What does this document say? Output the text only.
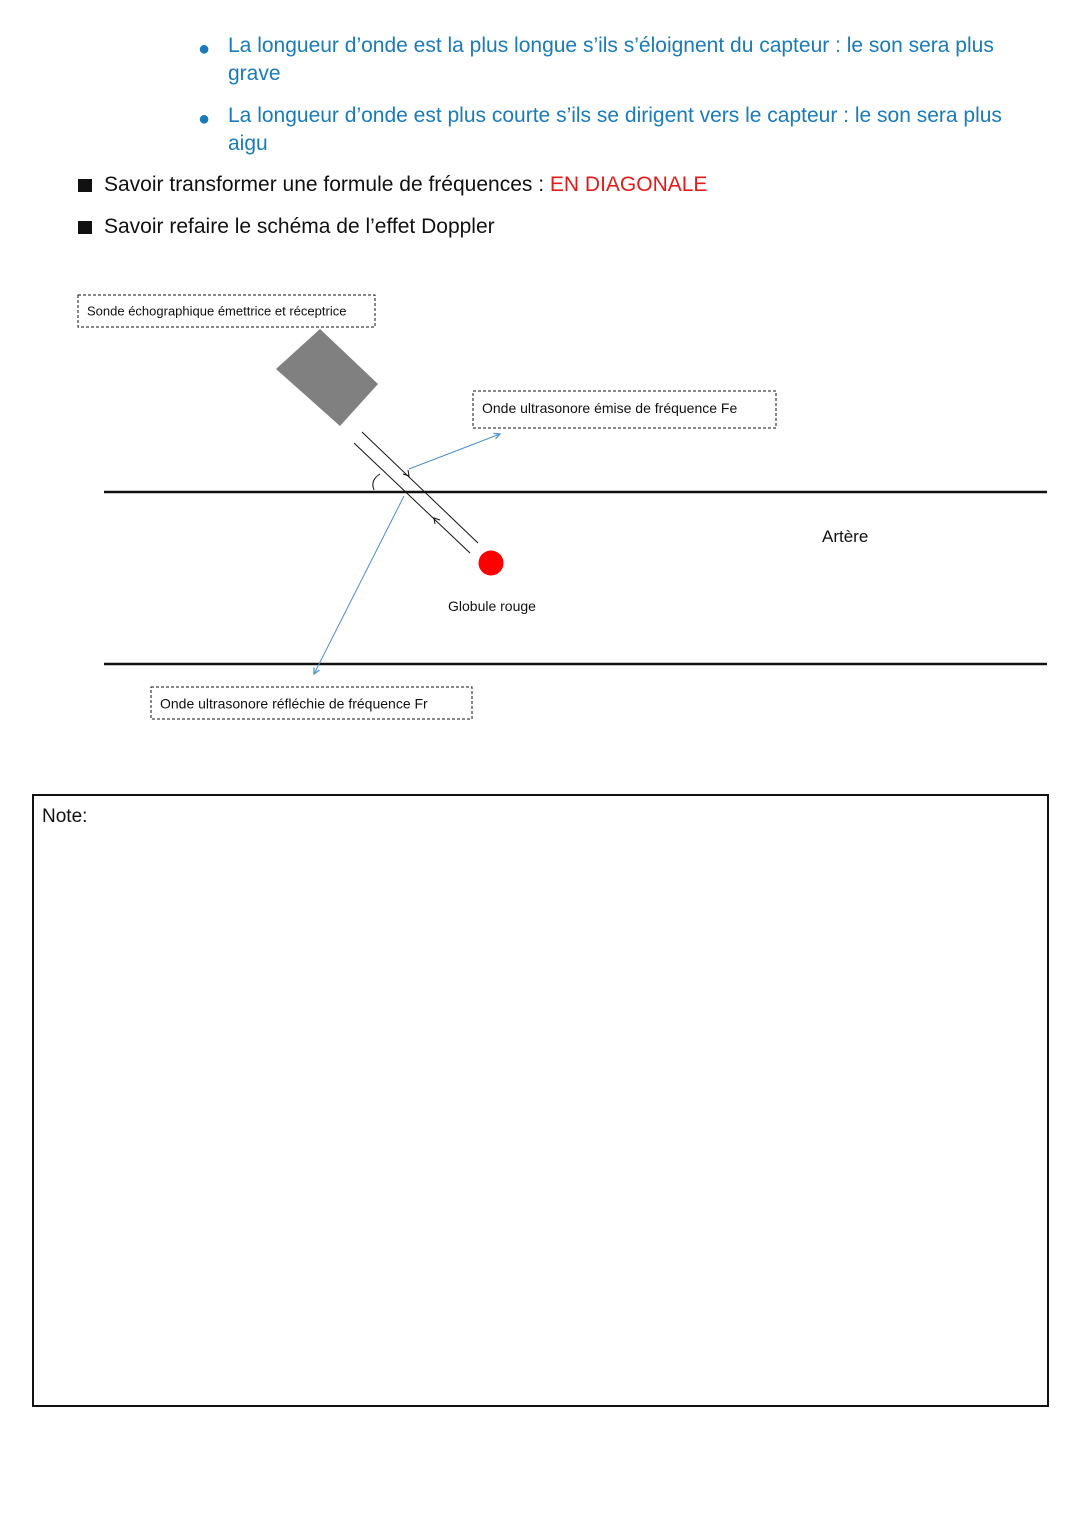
● La longueur d’onde est la plus longue s’ils s’éloignent du capteur : le son sera plus grave
● La longueur d’onde est plus courte s’ils se dirigent vers le capteur : le son sera plus aigu
Savoir transformer une formule de fréquences : EN DIAGONALE
Savoir refaire le schéma de l’effet Doppler
Sonde échographique émettrice et réceptrice
Onde ultrasonore émise de fréquence Fe
Globule rouge
Artère
Onde ultrasonore réfléchie de fréquence Fr
Note:
